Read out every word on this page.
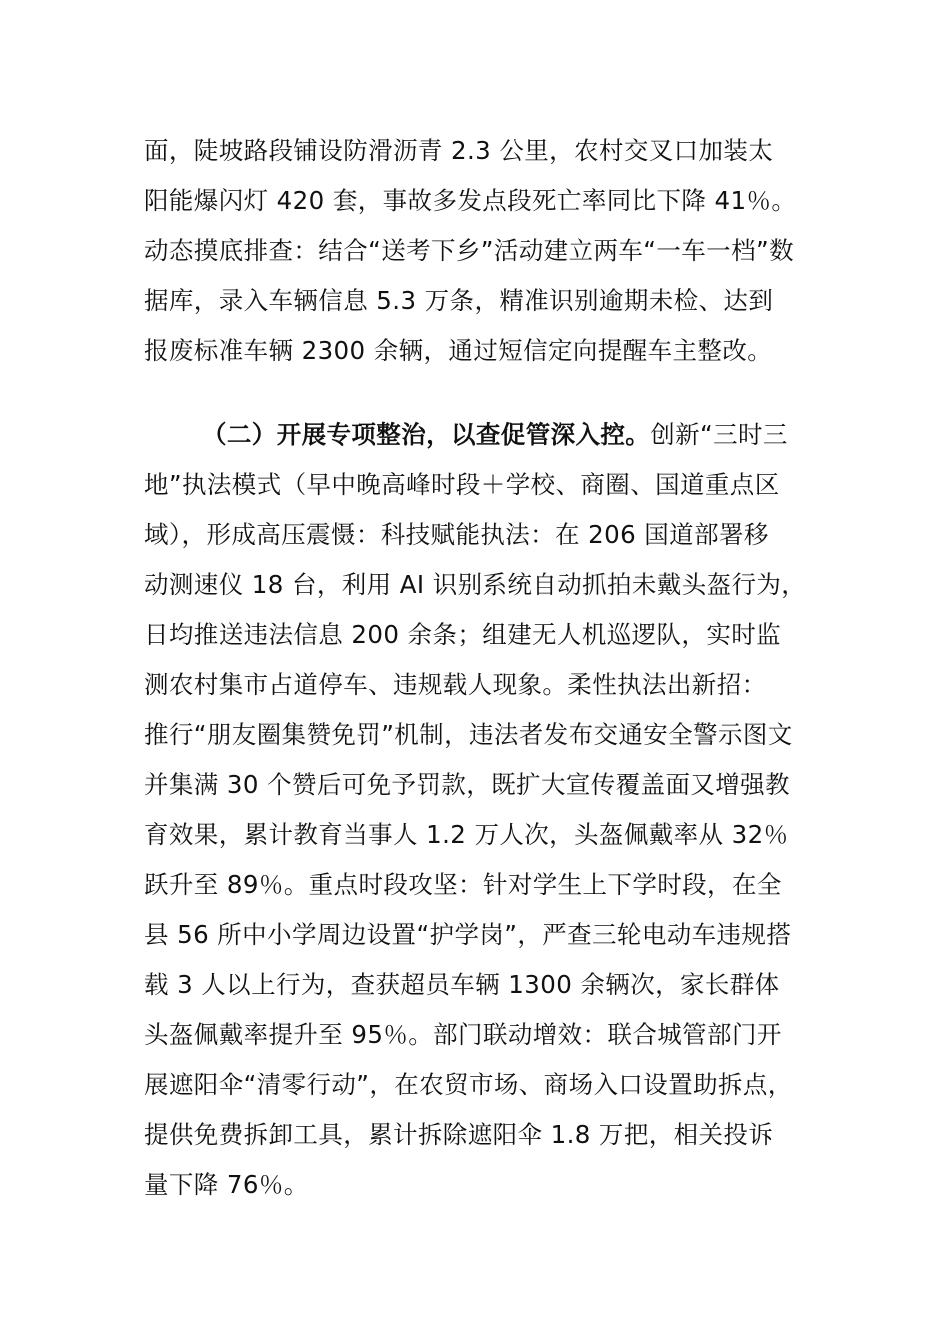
面，陡坡路段铺设防滑沥青 2.3 公里，农村交叉口加装太
阳能爆闪灯 420 套，事故多发点段死亡率同比下降 41％。
动态摸底排查：结合“送考下乡”活动建立两车“一车一档”数
据库，录入车辆信息 5.3 万条，精准识别逾期未检、达到
报废标准车辆 2300 余辆，通过短信定向提醒车主整改。
（二）开展专项整治，以查促管深入控。创新“三时三
地”执法模式（早中晚高峰时段＋学校、商圈、国道重点区
域），形成高压震慑：科技赋能执法：在 206 国道部署移
动测速仪 18 台，利用 AI 识别系统自动抓拍未戴头盔行为，
日均推送违法信息 200 余条；组建无人机巡逻队，实时监
测农村集市占道停车、违规载人现象。柔性执法出新招：
推行“朋友圈集赞免罚”机制，违法者发布交通安全警示图文
并集满 30 个赞后可免予罚款，既扩大宣传覆盖面又增强教
育效果，累计教育当事人 1.2 万人次，头盔佩戴率从 32％
跃升至 89％。重点时段攻坚：针对学生上下学时段，在全
县 56 所中小学周边设置“护学岗”，严查三轮电动车违规搭
载 3 人以上行为，查获超员车辆 1300 余辆次，家长群体
头盔佩戴率提升至 95％。部门联动增效：联合城管部门开
展遮阳伞“清零行动”，在农贸市场、商场入口设置助拆点，
提供免费拆卸工具，累计拆除遮阳伞 1.8 万把，相关投诉
量下降 76％。
